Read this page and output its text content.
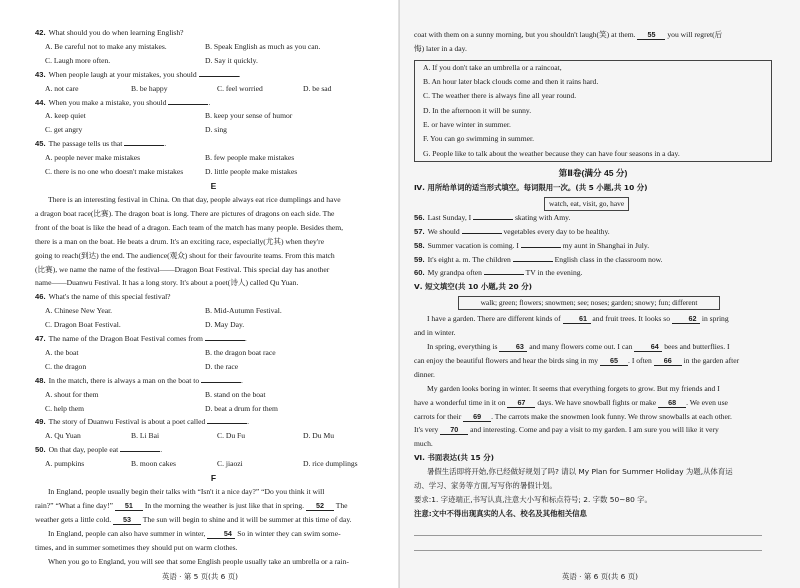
42. What should you do when learning English?
A. Be careful not to make any mistakes.	B. Speak English as much as you can.
C. Laugh more often.	D. Say it quickly.
43. When people laugh at your mistakes, you should	.
A. not care	B. be happy	C. feel worried	D. be sad
44. When you make a mistake, you should	.
A. keep quiet	B. keep your sense of humor
C. get angry	D. sing
45. The passage tells us that	.
A. people never make mistakes	B. few people make mistakes
C. there is no one who doesn't make mistakes	D. little people make mistakes
E
There is an interesting festival in China. On that day, people always eat rice dumplings and have
a dragon boat race(比赛). The dragon boat is long. There are pictures of dragons on each side. The
front of the boat is like the head of a dragon. Each team of the match has many people. Besides them,
there is a man on the boat. He beats a drum. It's an exciting race, especially(尤其) when they're
going to reach(到达) the end. The audience(观众) shout for their favourite teams. From this match
(比赛), we name the name of the festival——Dragon Boat Festival. This special day has another
name——Duanwu Festival. It has a long story. It's about a poet(诗人) called Qu Yuan.
46. What's the name of this special festival?
A. Chinese New Year.	B. Mid-Autumn Festival.
C. Dragon Boat Festival.	D. May Day.
47. The name of the Dragon Boat Festival comes from	.
A. the boat	B. the dragon boat race
C. the dragon	D. the race
48. In the match, there is always a man on the boat to	.
A. shout for them	B. stand on the boat
C. help them	D. beat a drum for them
49. The story of Duanwu Festival is about a poet called	.
A. Qu Yuan	B. Li Bai	C. Du Fu	D. Du Mu
50. On that day, people eat	.
A. pumpkins	B. moon cakes	C. jiaozi	D. rice dumplings
F
In England, people usually begin their talks with “Isn't it a nice day?” “Do you think it will
rain?” “What a fine day!” 51 In the morning the weather is just like that in spring. 52 The
weather gets a little cold. 53 The sun will begin to shine and it will be summer at this time of day.
In England, people can also have summer in winter,	54 So in winter they can swim some-
times, and in summer sometimes they should put on warm clothes.
When you go to England, you will see that some English people usually take an umbrella or a rain-
英语 · 第 5 页(共 6 页)
coat with them on a sunny morning, but you shouldn't laugh(笑) at them. 55 you will regret(后
悔) later in a day.
A. If you don't take an umbrella or a raincoat,
B. An hour later black clouds come and then it rains hard.
C. The weather there is always fine all year round.
D. In the afternoon it will be sunny.
E. or have winter in summer.
F. You can go swimming in summer.
G. People like to talk about the weather because they can have four seasons in a day.
第Ⅱ卷(满分 45 分)
Ⅳ. 用所给单词的适当形式填空。每词限用一次。(共 5 小题,共 10 分)
watch, eat, visit, go, have
56. Last Sunday, I	skating with Amy.
57. We should	vegetables every day to be healthy.
58. Summer vacation is coming. I	my aunt in Shanghai in July.
59. It's eight a. m. The children	English class in the classroom now.
60. My grandpa often	TV in the evening.
Ⅴ. 短文填空(共 10 小题,共 20 分)
walk; green; flowers; snowmen; see; noses; garden; snowy; fun; different
I have a garden. There are different kinds of	61 and fruit trees. It looks so	62 in spring
and in winter.
In spring, everything is	63 and many flowers come out. I can	64 bees and butterflies. I
can enjoy the beautiful flowers and hear the birds sing in my 65 . I often 66 in the garden after
dinner.
My garden looks boring in winter. It seems that everything forgets to grow. But my friends and I
have a wonderful time in it on 67 days. We have snowball fights or make 68 . We even use
carrots for their 69 . The carrots make the snowmen look funny. We throw snowballs at each other.
It's very 70 and interesting. Come and pay a visit to my garden. I am sure you will like it very
much.
Ⅵ. 书面表达(共 15 分)
暑假生活即将开始,你已经做好规划了吗? 请以 My Plan for Summer Holiday 为题,从体育运
动、学习、家务等方面,写写你的暑假计划。
要求:1. 字迹端正,书写认真,注意大小写和标点符号; 2. 字数 50~80 字。
注意:文中不得出现真实的人名、校名及其他相关信息
英语 · 第 6 页(共 6 页)
